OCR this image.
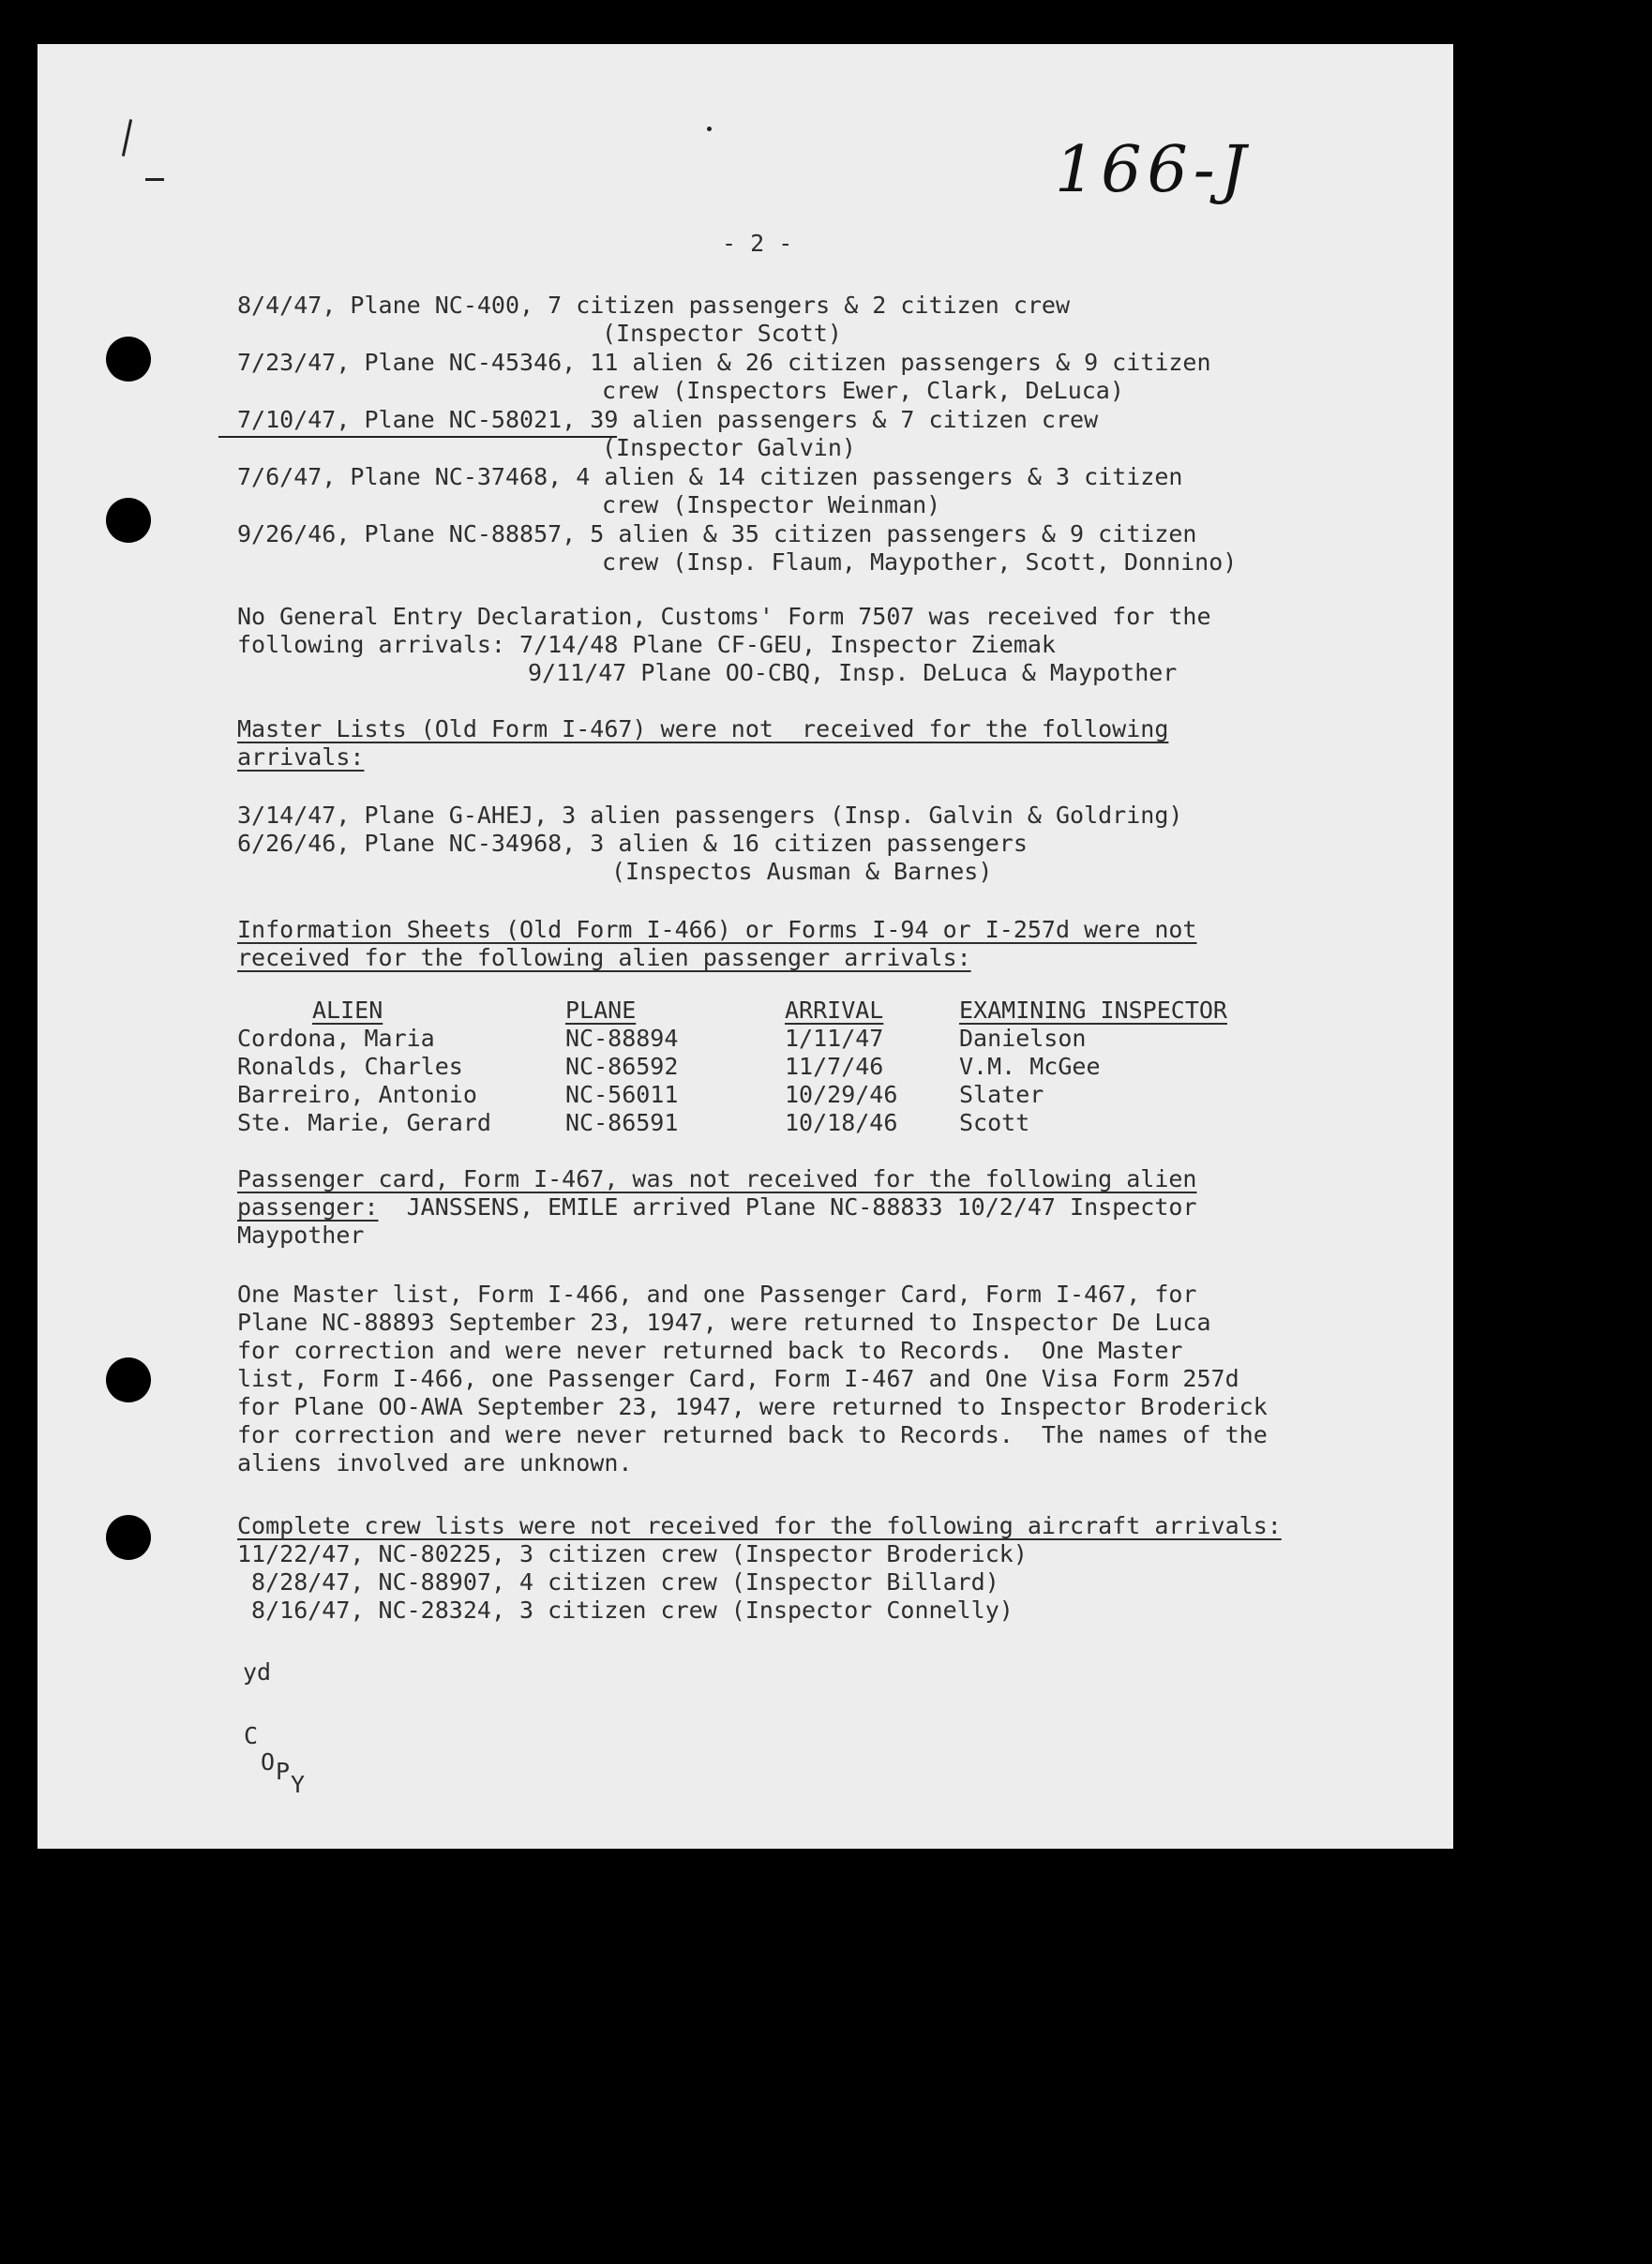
166-J
- 2 -
8/4/47, Plane NC-400, 7 citizen passengers & 2 citizen crew
(Inspector Scott)
7/23/47, Plane NC-45346, 11 alien & 26 citizen passengers & 9 citizen
crew (Inspectors Ewer, Clark, DeLuca)
7/10/47, Plane NC-58021, 39 alien passengers & 7 citizen crew
(Inspector Galvin)
7/6/47, Plane NC-37468, 4 alien & 14 citizen passengers & 3 citizen
crew (Inspector Weinman)
9/26/46, Plane NC-88857, 5 alien & 35 citizen passengers & 9 citizen
crew (Insp. Flaum, Maypother, Scott, Donnino)
No General Entry Declaration, Customs' Form 7507 was received for the
following arrivals: 7/14/48 Plane CF-GEU, Inspector Ziemak
9/11/47 Plane OO-CBQ, Insp. DeLuca & Maypother
Master Lists (Old Form I-467) were not  received for the following
arrivals:
3/14/47, Plane G-AHEJ, 3 alien passengers (Insp. Galvin & Goldring)
6/26/46, Plane NC-34968, 3 alien & 16 citizen passengers
(Inspectos Ausman & Barnes)
Information Sheets (Old Form I-466) or Forms I-94 or I-257d were not
received for the following alien passenger arrivals:
ALIEN	PLANE	ARRIVAL	EXAMINING INSPECTOR
Cordona, Maria	NC-88894	1/11/47	Danielson
Ronalds, Charles	NC-86592	11/7/46	V.M. McGee
Barreiro, Antonio	NC-56011	10/29/46	Slater
Ste. Marie, Gerard	NC-86591	10/18/46	Scott
Passenger card, Form I-467, was not received for the following alien
passenger:  JANSSENS, EMILE arrived Plane NC-88833 10/2/47 Inspector
Maypother
One Master list, Form I-466, and one Passenger Card, Form I-467, for
Plane NC-88893 September 23, 1947, were returned to Inspector De Luca
for correction and were never returned back to Records.  One Master
list, Form I-466, one Passenger Card, Form I-467 and One Visa Form 257d
for Plane OO-AWA September 23, 1947, were returned to Inspector Broderick
for correction and were never returned back to Records.  The names of the
aliens involved are unknown.
Complete crew lists were not received for the following aircraft arrivals:
11/22/47, NC-80225, 3 citizen crew (Inspector Broderick)
8/28/47, NC-88907, 4 citizen crew (Inspector Billard)
8/16/47, NC-28324, 3 citizen crew (Inspector Connelly)
yd
C
O P Y
